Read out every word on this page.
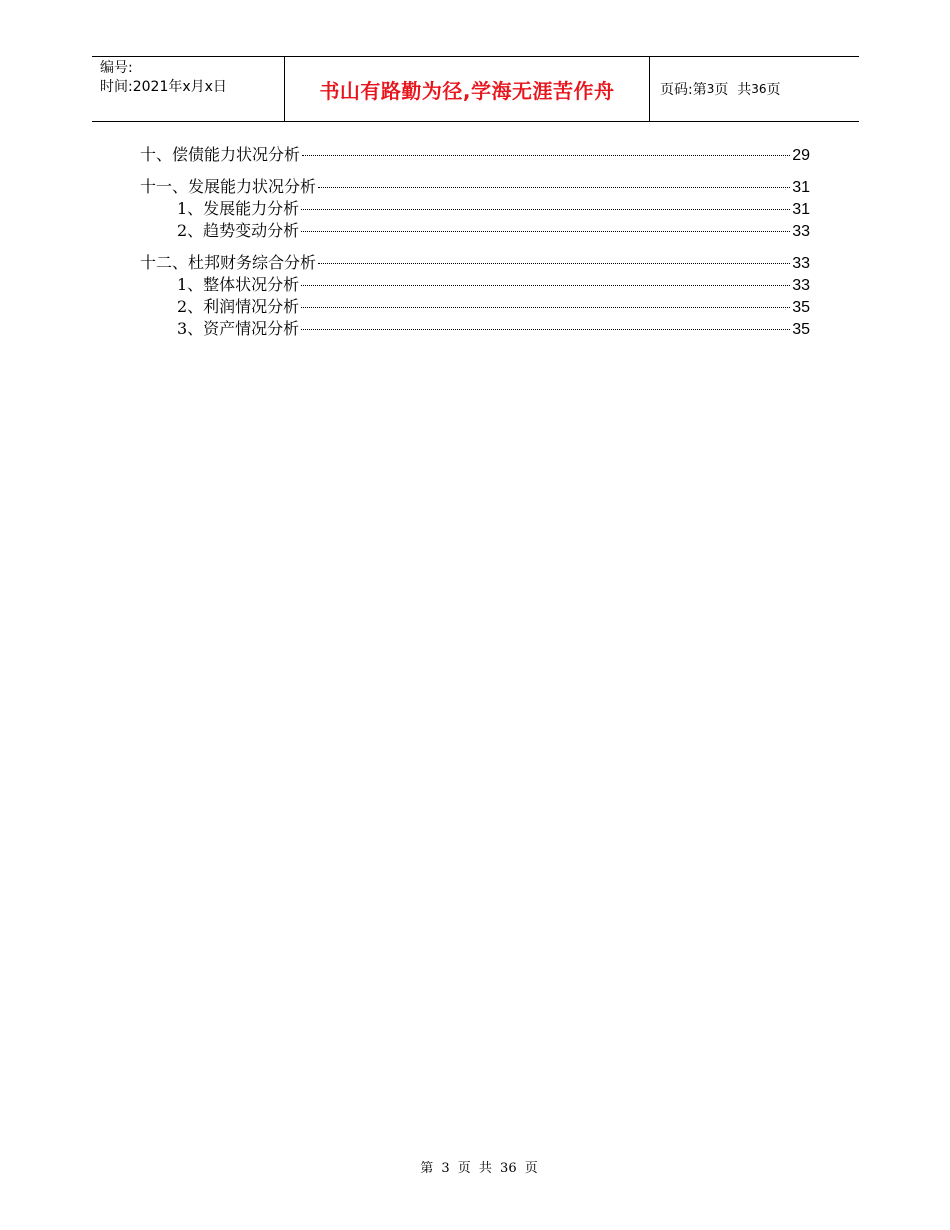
编号:
时间:2021年x月x日	书山有路勤为径,学海无涯苦作舟	页码:第 3 页  共 36 页
十、偿债能力状况分析	29
十一、发展能力状况分析	31
1、发展能力分析	31
2、趋势变动分析	33
十二、杜邦财务综合分析	33
1、整体状况分析	33
2、利润情况分析	35
3、资产情况分析	35
第 3 页 共 36 页
